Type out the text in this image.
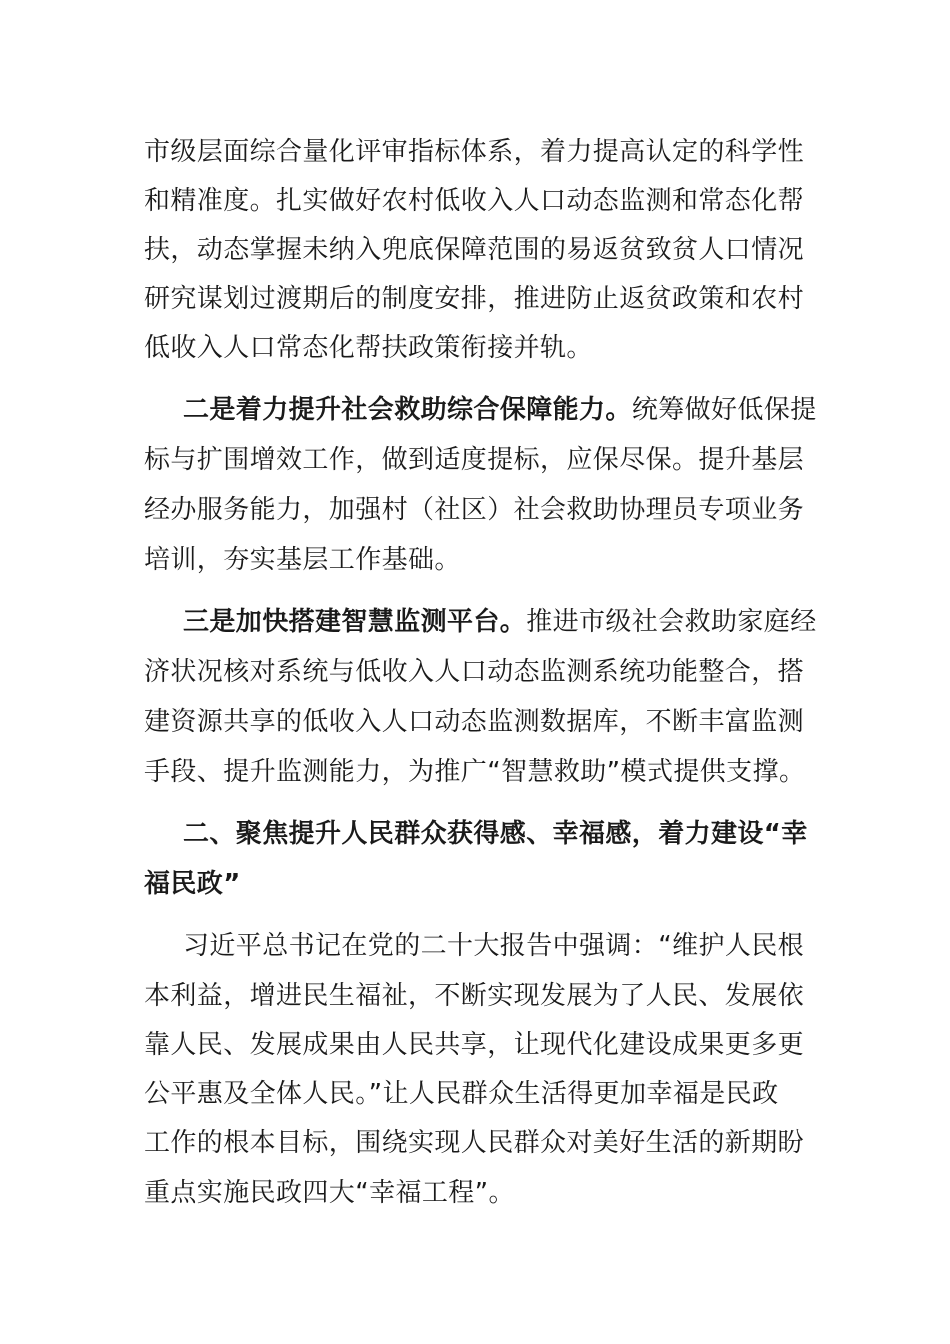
市级层面综合量化评审指标体系，着力提高认定的科学性
和精准度。扎实做好农村低收入人口动态监测和常态化帮
扶，动态掌握未纳入兜底保障范围的易返贫致贫人口情况
研究谋划过渡期后的制度安排，推进防止返贫政策和农村
低收入人口常态化帮扶政策衔接并轨。
二是着力提升社会救助综合保障能力。统筹做好低保提
标与扩围增效工作，做到适度提标，应保尽保。提升基层
经办服务能力，加强村（社区）社会救助协理员专项业务
培训，夯实基层工作基础。
三是加快搭建智慧监测平台。推进市级社会救助家庭经
济状况核对系统与低收入人口动态监测系统功能整合，搭
建资源共享的低收入人口动态监测数据库，不断丰富监测
手段、提升监测能力，为推广“智慧救助”模式提供支撑。
二、聚焦提升人民群众获得感、幸福感，着力建设“幸
福民政”
习近平总书记在党的二十大报告中强调：“维护人民根
本利益，增进民生福祉，不断实现发展为了人民、发展依
靠人民、发展成果由人民共享，让现代化建设成果更多更
公平惠及全体人民。”让人民群众生活得更加幸福是民政
工作的根本目标，围绕实现人民群众对美好生活的新期盼
重点实施民政四大“幸福工程”。
